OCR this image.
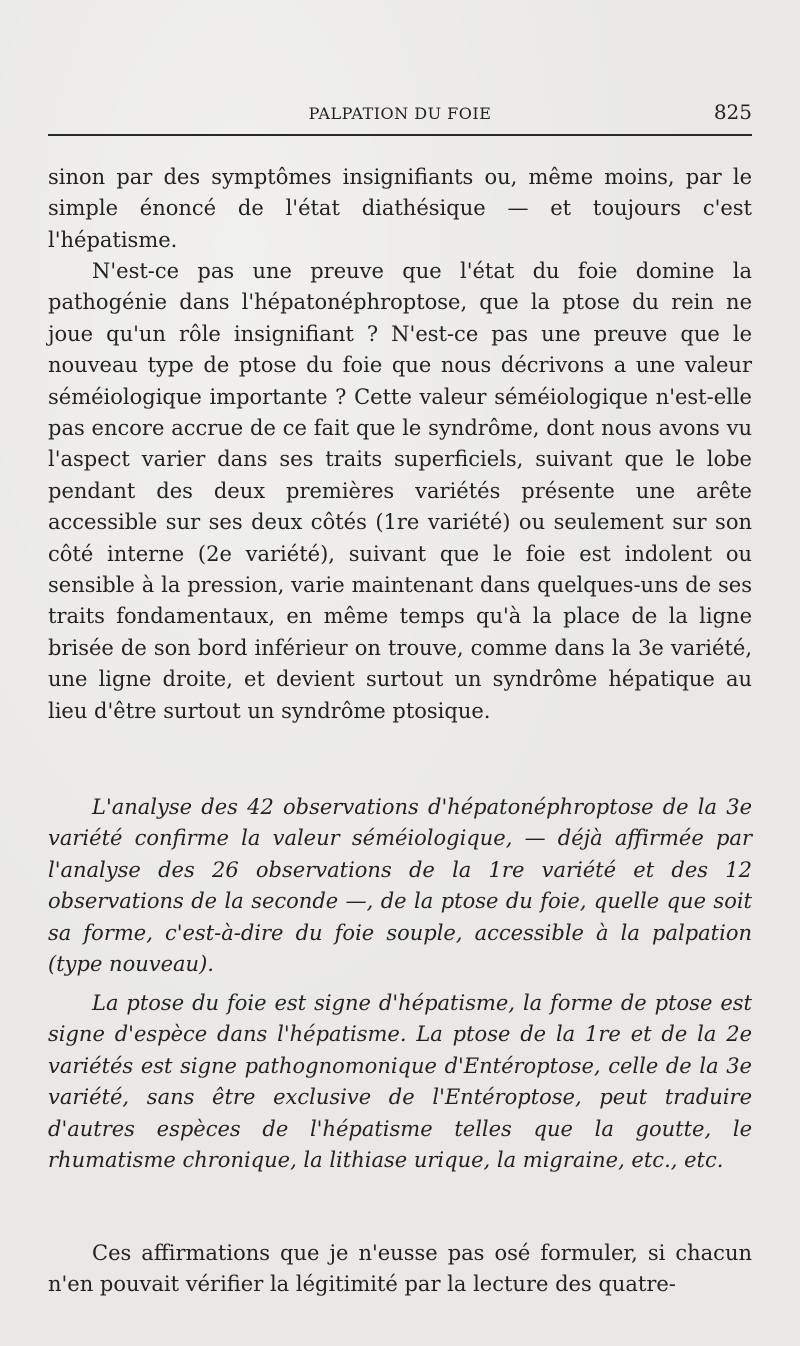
PALPATION DU FOIE	825

sinon par des symptômes insignifiants ou, même moins, par le simple énoncé de l'état diathésique — et toujours c'est l'hépatisme.

N'est-ce pas une preuve que l'état du foie domine la pathogénie dans l'hépatonéphroptose, que la ptose du rein ne joue qu'un rôle insignifiant ? N'est-ce pas une preuve que le nouveau type de ptose du foie que nous décrivons a une valeur séméiologique importante ? Cette valeur séméiologique n'est-elle pas encore accrue de ce fait que le syndrôme, dont nous avons vu l'aspect varier dans ses traits superficiels, suivant que le lobe pendant des deux premières variétés présente une arête accessible sur ses deux côtés (1re variété) ou seulement sur son côté interne (2e variété), suivant que le foie est indolent ou sensible à la pression, varie maintenant dans quelques-uns de ses traits fondamentaux, en même temps qu'à la place de la ligne brisée de son bord inférieur on trouve, comme dans la 3e variété, une ligne droite, et devient surtout un syndrôme hépatique au lieu d'être surtout un syndrôme ptosique.

L'analyse des 42 observations d'hépatonéphroptose de la 3e variété confirme la valeur séméiologique, — déjà affirmée par l'analyse des 26 observations de la 1re variété et des 12 observations de la seconde —, de la ptose du foie, quelle que soit sa forme, c'est-à-dire du foie souple, accessible à la palpation (type nouveau).

La ptose du foie est signe d'hépatisme, la forme de ptose est signe d'espèce dans l'hépatisme. La ptose de la 1re et de la 2e variétés est signe pathognomonique d'Entéroptose, celle de la 3e variété, sans être exclusive de l'Entéroptose, peut traduire d'autres espèces de l'hépatisme telles que la goutte, le rhumatisme chronique, la lithiase urique, la migraine, etc., etc.

Ces affirmations que je n'eusse pas osé formuler, si chacun n'en pouvait vérifier la légitimité par la lecture des quatre-
